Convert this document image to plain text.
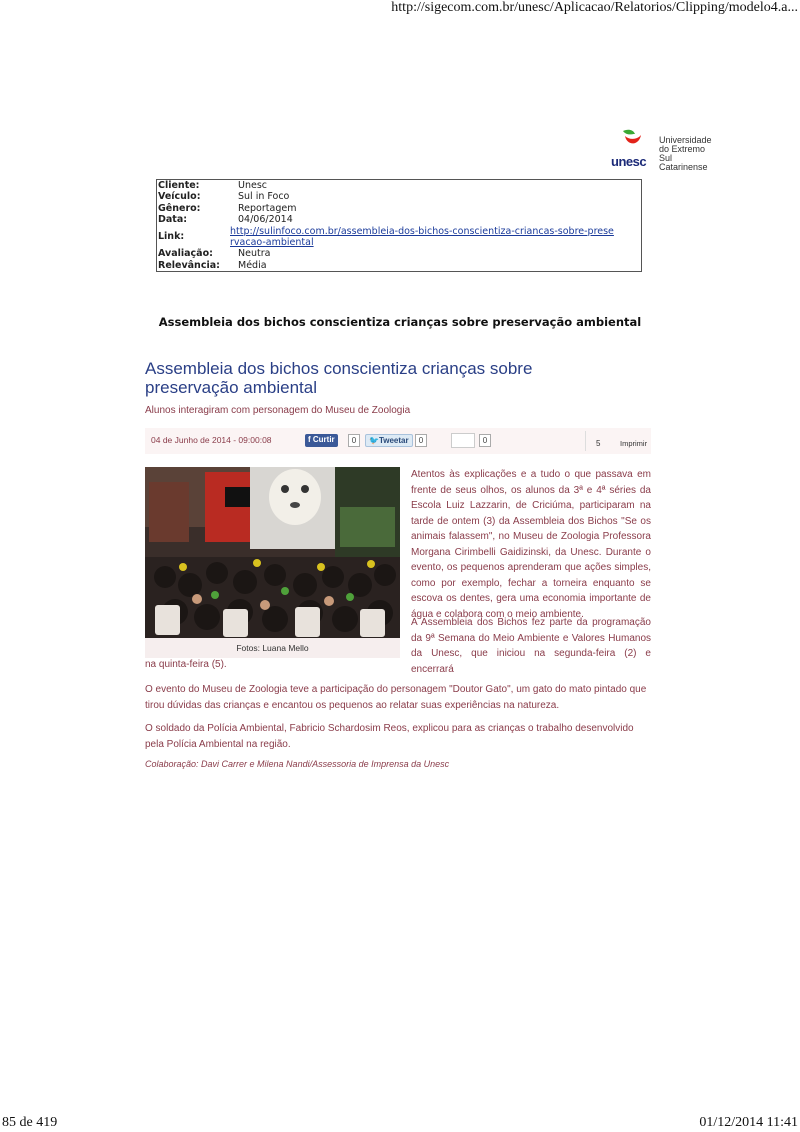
http://sigecom.com.br/unesc/Aplicacao/Relatorios/Clipping/modelo4.a...
unesc
Universidade
do Extremo
Sul Catarinense
Cliente:	Unesc
Veículo:	Sul in Foco
Gênero:	Reportagem
Data:	04/06/2014
Link:
http://sulinfoco.com.br/assembleia-dos-bichos-conscientiza-criancas-sobre-prese
rvacao-ambiental
Avaliação:	Neutra
Relevância:	Média
Assembleia dos bichos conscientiza crianças sobre preservação ambiental
Assembleia dos bichos conscientiza crianças sobre preservação ambiental
Alunos interagiram com personagem do Museu de Zoologia
04 de Junho de 2014 - 09:00:08	f Curtir	0	🐦Tweetar	0	0	5	Imprimir
Fotos: Luana Mello
Atentos às explicações e a tudo o que passava em frente de seus olhos, os alunos da 3ª e 4ª séries da Escola Luiz Lazzarin, de Criciúma, participaram na tarde de ontem (3) da Assembleia dos Bichos "Se os animais falassem", no Museu de Zoologia Professora Morgana Cirimbelli Gaidizinski, da Unesc. Durante o evento, os pequenos aprenderam que ações simples, como por exemplo, fechar a torneira enquanto se escova os dentes, gera uma economia importante de água e colabora com o meio ambiente.
A Assembleia dos Bichos fez parte da programação da 9ª Semana do Meio Ambiente e Valores Humanos da Unesc, que iniciou na segunda-feira (2) e encerrará
na quinta-feira (5).
O evento do Museu de Zoologia teve a participação do personagem "Doutor Gato", um gato do mato pintado que tirou dúvidas das crianças e encantou os pequenos ao relatar suas experiências na natureza.
O soldado da Polícia Ambiental, Fabricio Schardosim Reos, explicou para as crianças o trabalho desenvolvido pela Polícia Ambiental na região.
Colaboração: Davi Carrer e Milena Nandi/Assessoria de Imprensa da Unesc
85 de 419	01/12/2014 11:41
